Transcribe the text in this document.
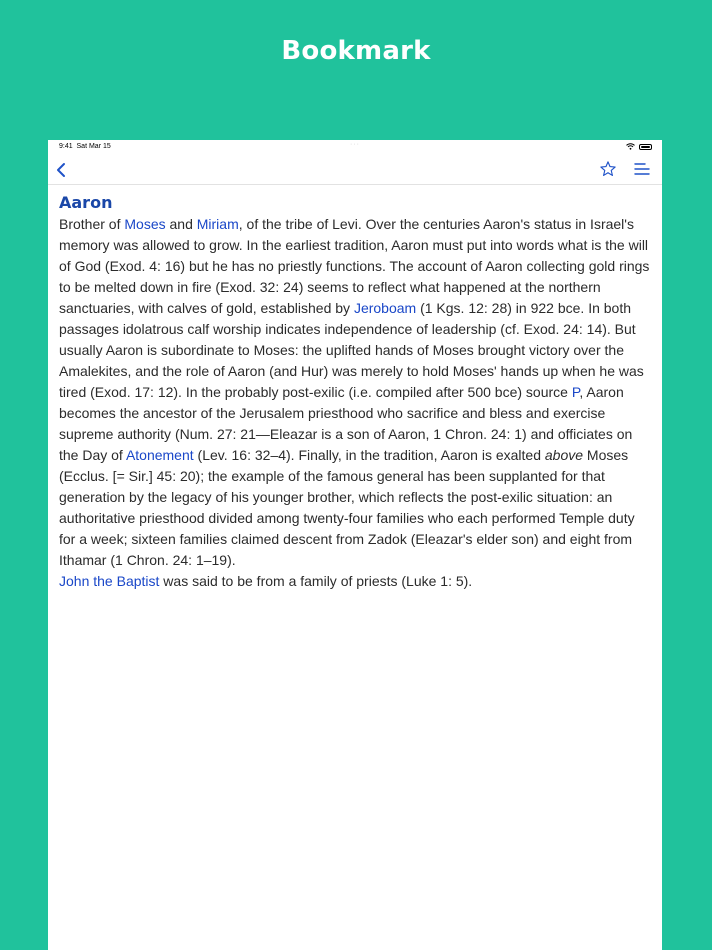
Bookmark
9:41 Sat Mar 15	···
Aaron

Brother of Moses and Miriam, of the tribe of Levi. Over the centuries Aaron's status in Israel's memory was allowed to grow. In the earliest tradition, Aaron must put into words what is the will of God (Exod. 4: 16) but he has no priestly functions. The account of Aaron collecting gold rings to be melted down in fire (Exod. 32: 24) seems to reflect what happened at the northern sanctuaries, with calves of gold, established by Jeroboam (1 Kgs. 12: 28) in 922 bce. In both passages idolatrous calf worship indicates independence of leadership (cf. Exod. 24: 14). But usually Aaron is subordinate to Moses: the uplifted hands of Moses brought victory over the Amalekites, and the role of Aaron (and Hur) was merely to hold Moses' hands up when he was tired (Exod. 17: 12). In the probably post-exilic (i.e. compiled after 500 bce) source P, Aaron becomes the ancestor of the Jerusalem priesthood who sacrifice and bless and exercise supreme authority (Num. 27: 21—Eleazar is a son of Aaron, 1 Chron. 24: 1) and officiates on the Day of Atonement (Lev. 16: 32–4). Finally, in the tradition, Aaron is exalted above Moses (Ecclus. [= Sir.] 45: 20); the example of the famous general has been supplanted for that generation by the legacy of his younger brother, which reflects the post-exilic situation: an authoritative priesthood divided among twenty-four families who each performed Temple duty for a week; sixteen families claimed descent from Zadok (Eleazar's elder son) and eight from Ithamar (1 Chron. 24: 1–19).

John the Baptist was said to be from a family of priests (Luke 1: 5).
